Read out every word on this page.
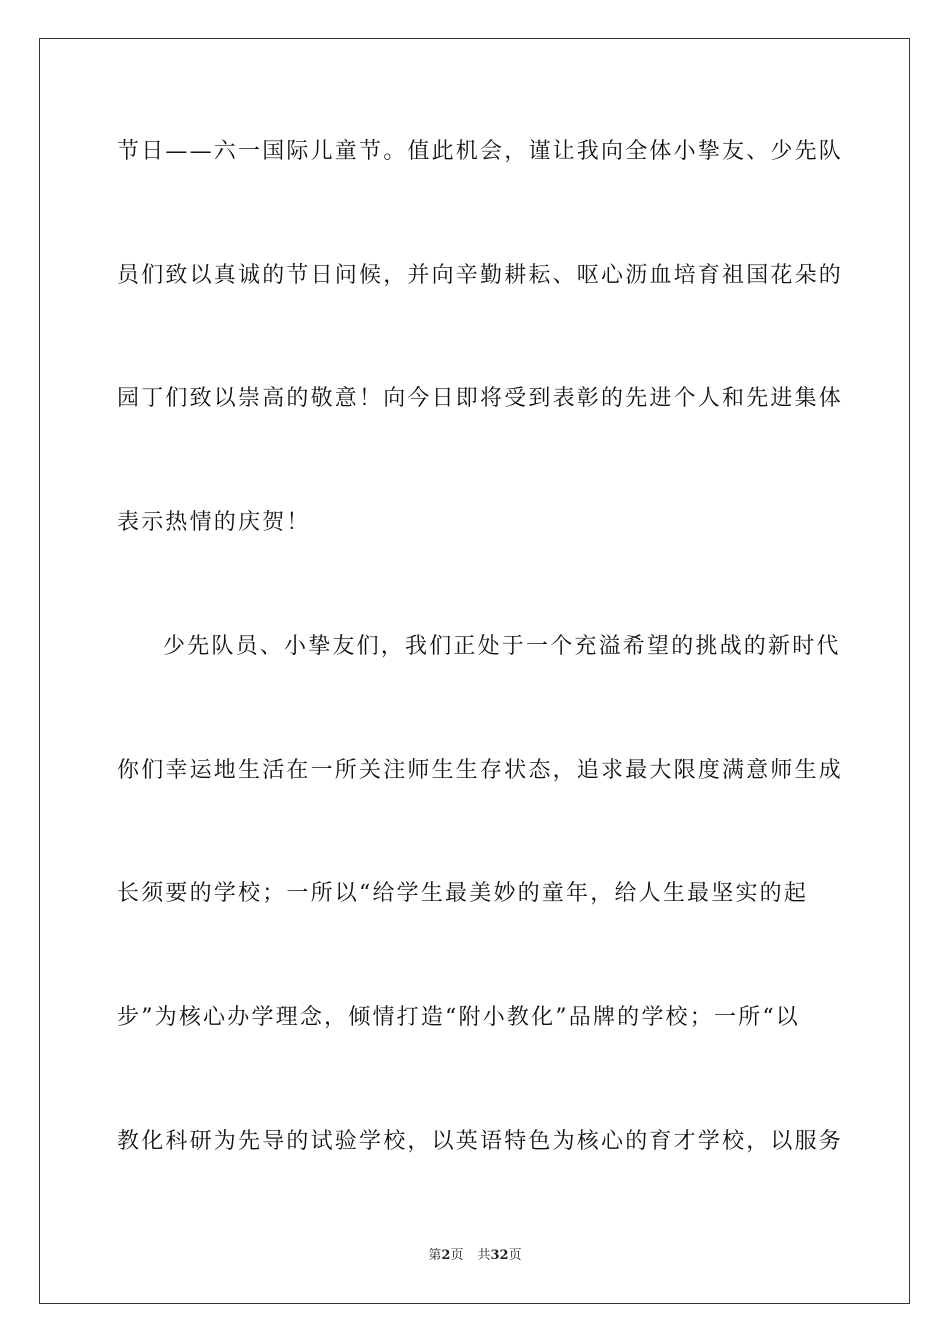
节日——六一国际儿童节。值此机会，谨让我向全体小挚友、少先队
员们致以真诚的节日问候，并向辛勤耕耘、呕心沥血培育祖国花朵的
园丁们致以崇高的敬意！向今日即将受到表彰的先进个人和先进集体
表示热情的庆贺！
少先队员、小挚友们，我们正处于一个充溢希望的挑战的新时代
你们幸运地生活在一所关注师生生存状态，追求最大限度满意师生成
长须要的学校；一所以“给学生最美妙的童年，给人生最坚实的起
步”为核心办学理念，倾情打造“附小教化”品牌的学校；一所“以
教化科研为先导的试验学校，以英语特色为核心的育才学校，以服务
第2页 共32页
